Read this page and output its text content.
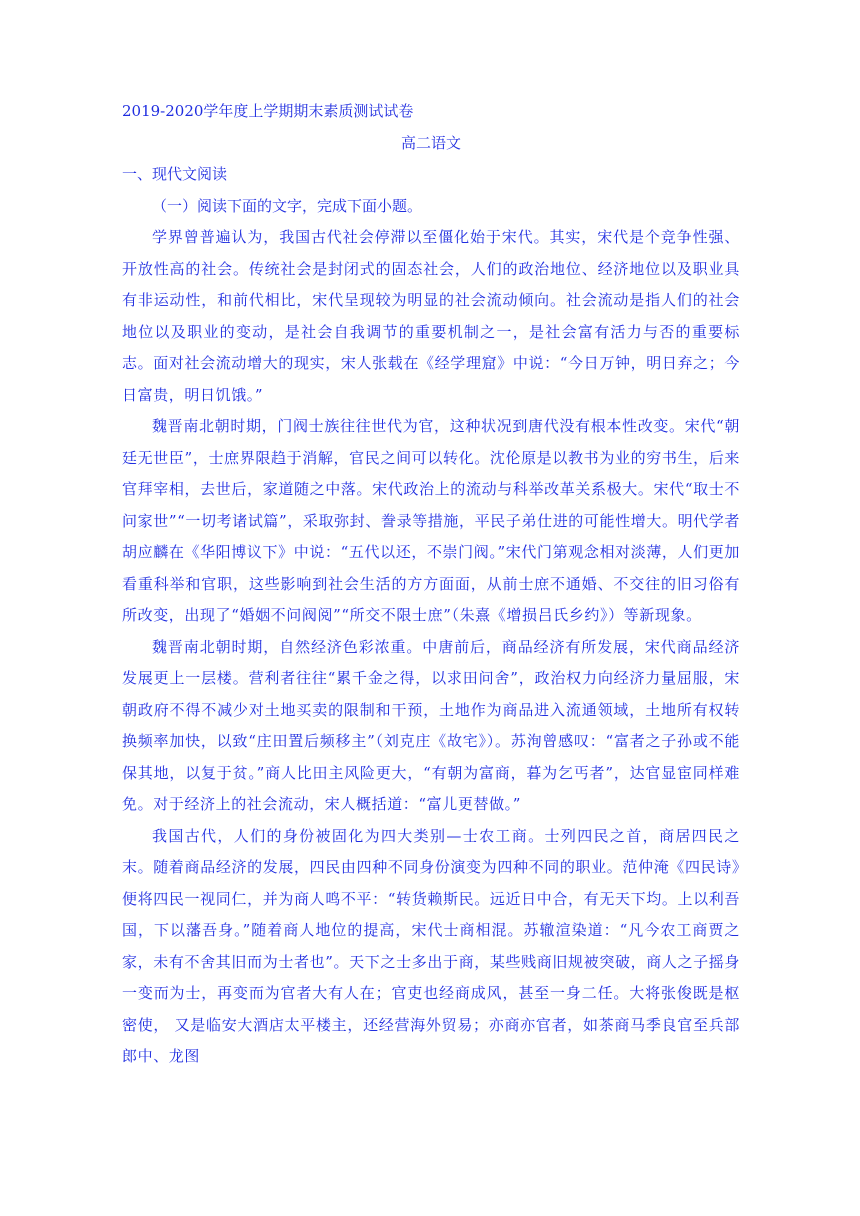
2019-2020学年度上学期期末素质测试试卷

高二语文

一、现代文阅读

（一）阅读下面的文字，完成下面小题。

学界曾普遍认为，我国古代社会停滞以至僵化始于宋代。其实，宋代是个竞争性强、开放性高的社会。传统社会是封闭式的固态社会，人们的政治地位、经济地位以及职业具有非运动性，和前代相比，宋代呈现较为明显的社会流动倾向。社会流动是指人们的社会地位以及职业的变动，是社会自我调节的重要机制之一，是社会富有活力与否的重要标志。面对社会流动增大的现实，宋人张载在《经学理窟》中说：“今日万钟，明日弃之；今日富贵，明日饥饿。”

魏晋南北朝时期，门阀士族往往世代为官，这种状况到唐代没有根本性改变。宋代“朝廷无世臣”，士庶界限趋于消解，官民之间可以转化。沈伦原是以教书为业的穷书生，后来官拜宰相，去世后，家道随之中落。宋代政治上的流动与科举改革关系极大。宋代“取士不问家世”“一切考诸试篇”，采取弥封、誊录等措施，平民子弟仕进的可能性增大。明代学者胡应麟在《华阳博议下》中说：“五代以还，不崇门阀。”宋代门第观念相对淡薄，人们更加看重科举和官职，这些影响到社会生活的方方面面，从前士庶不通婚、不交往的旧习俗有所改变，出现了“婚姻不问阀阅”“所交不限士庶”（朱熹《增损吕氏乡约》）等新现象。

魏晋南北朝时期，自然经济色彩浓重。中唐前后，商品经济有所发展，宋代商品经济发展更上一层楼。营利者往往“累千金之得，以求田问舍”，政治权力向经济力量屈服，宋朝政府不得不减少对土地买卖的限制和干预，土地作为商品进入流通领域，土地所有权转换频率加快，以致“庄田置后频移主”（刘克庄《故宅》）。苏洵曾感叹：“富者之子孙或不能保其地，以复于贫。”商人比田主风险更大，“有朝为富商，暮为乞丐者”，达官显宦同样难免。对于经济上的社会流动，宋人概括道：“富儿更替做。”

我国古代，人们的身份被固化为四大类别—士农工商。士列四民之首，商居四民之末。随着商品经济的发展，四民由四种不同身份演变为四种不同的职业。范仲淹《四民诗》便将四民一视同仁，并为商人鸣不平：“转货赖斯民。远近日中合，有无天下均。上以利吾国，下以藩吾身。”随着商人地位的提高，宋代士商相混。苏辙渲染道：“凡今农工商贾之家，未有不舍其旧而为士者也”。天下之士多出于商，某些贱商旧规被突破，商人之子摇身一变而为士，再变而为官者大有人在；官吏也经商成风，甚至一身二任。大将张俊既是枢密使， 又是临安大酒店太平楼主，还经营海外贸易；亦商亦官者，如茶商马季良官至兵部郎中、龙图
